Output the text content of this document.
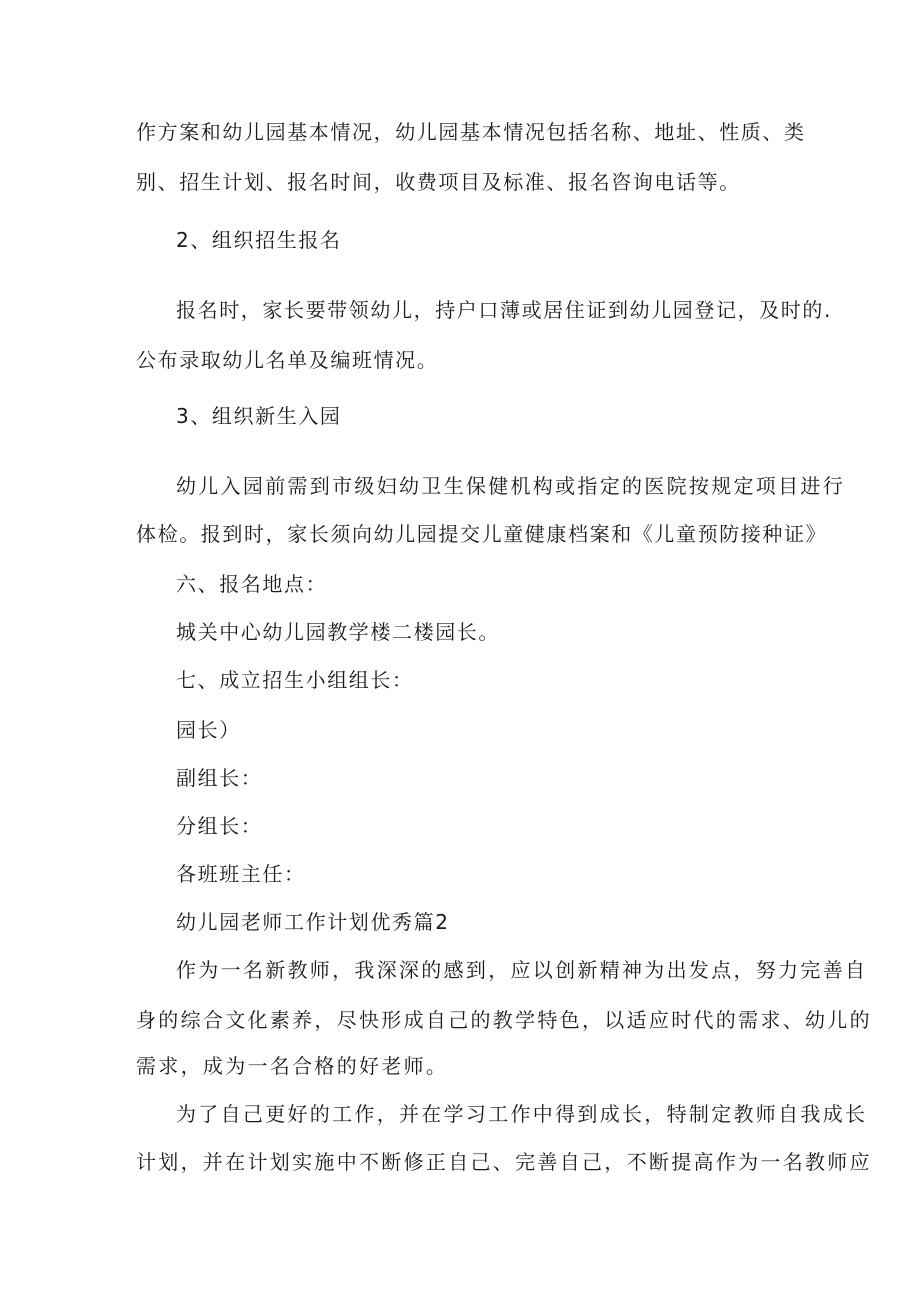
作方案和幼儿园基本情况，幼儿园基本情况包括名称、地址、性质、类
别、招生计划、报名时间，收费项目及标准、报名咨询电话等。
2、组织招生报名
报名时，家长要带领幼儿，持户口薄或居住证到幼儿园登记，及时的.
公布录取幼儿名单及编班情况。
3、组织新生入园
幼儿入园前需到市级妇幼卫生保健机构或指定的医院按规定项目进行
体检。报到时，家长须向幼儿园提交儿童健康档案和《儿童预防接种证》
六、报名地点：
城关中心幼儿园教学楼二楼园长。
七、成立招生小组组长：
园长）
副组长：
分组长：
各班班主任：
幼儿园老师工作计划优秀篇2
作为一名新教师，我深深的感到，应以创新精神为出发点，努力完善自
身的综合文化素养，尽快形成自己的教学特色，以适应时代的需求、幼儿的
需求，成为一名合格的好老师。
为了自己更好的工作，并在学习工作中得到成长，特制定教师自我成长
计划，并在计划实施中不断修正自己、完善自己，不断提高作为一名教师应
